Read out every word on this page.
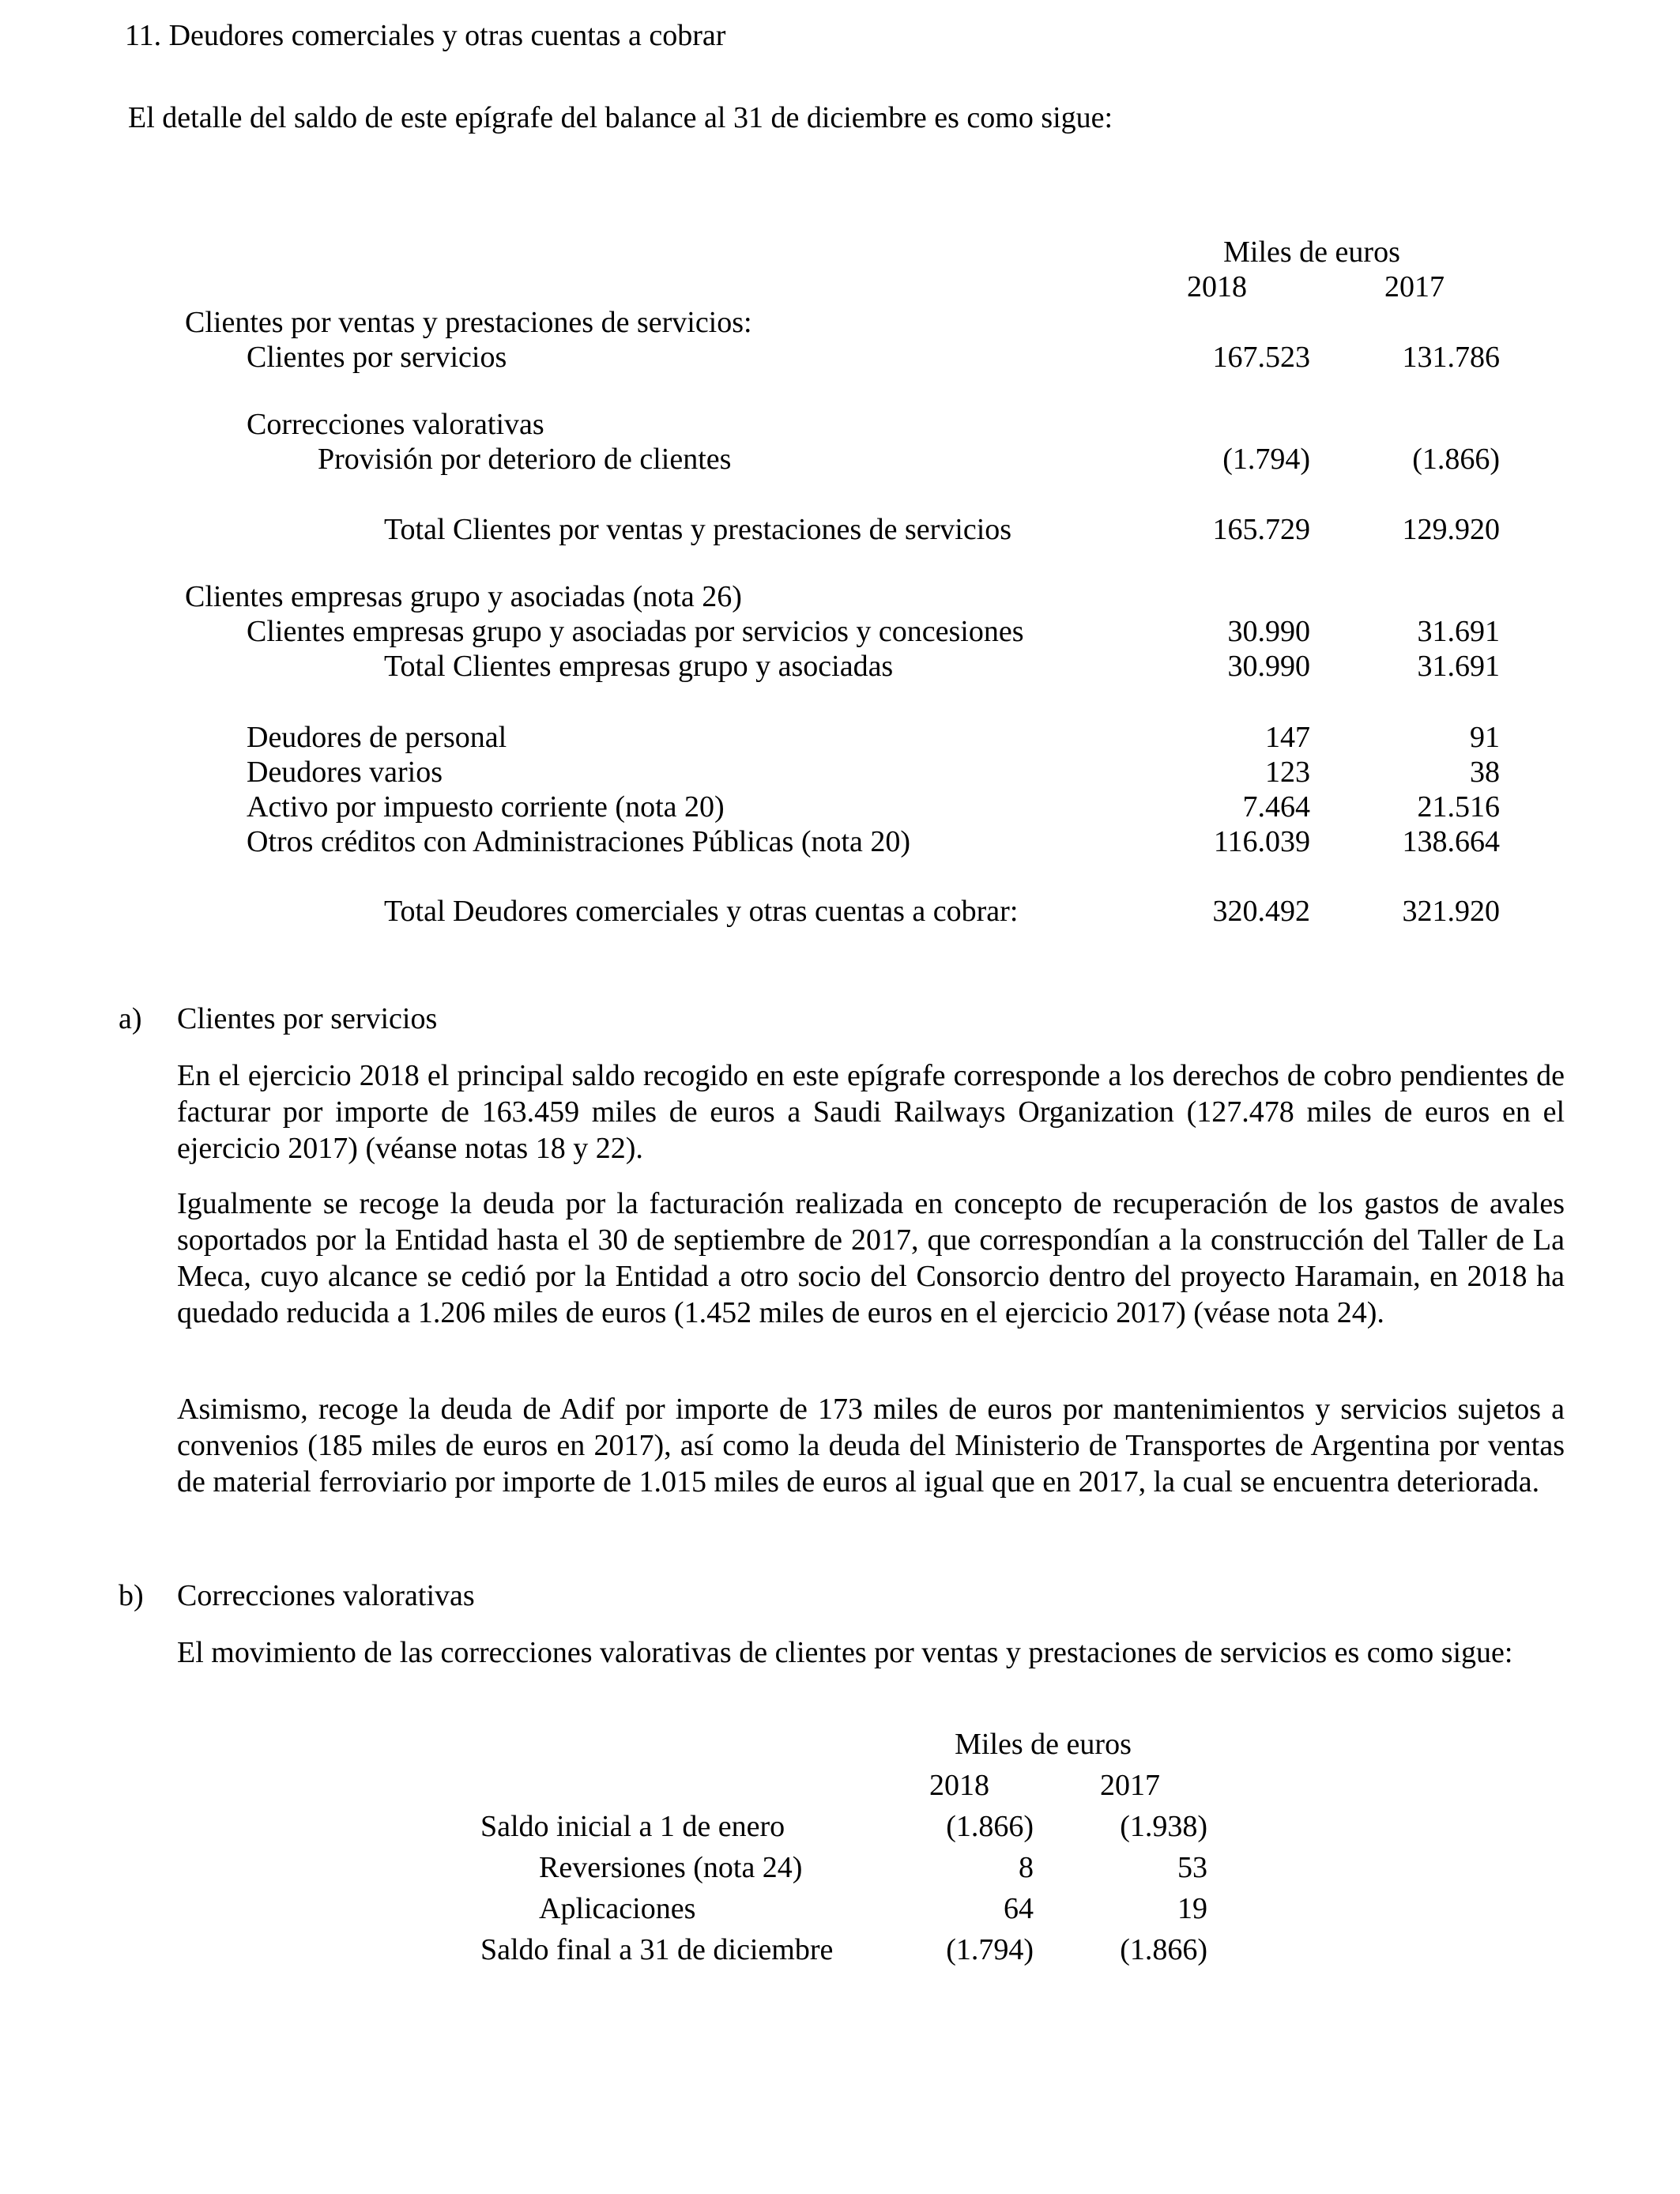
11. Deudores comerciales y otras cuentas a cobrar
El detalle del saldo de este epígrafe del balance al 31 de diciembre es como sigue:
Miles de euros
2018	2017
Clientes por ventas y prestaciones de servicios:
Clientes por servicios	167.523	131.786
Correcciones valorativas
Provisión por deterioro de clientes	(1.794)	(1.866)
Total Clientes por ventas y prestaciones de servicios	165.729	129.920
Clientes empresas grupo y asociadas (nota 26)
Clientes empresas grupo y asociadas por servicios y concesiones	30.990	31.691
Total Clientes empresas grupo y asociadas	30.990	31.691
Deudores de personal	147	91
Deudores varios	123	38
Activo por impuesto corriente (nota 20)	7.464	21.516
Otros créditos con Administraciones Públicas (nota 20)	116.039	138.664
Total Deudores comerciales y otras cuentas a cobrar:	320.492	321.920
a) Clientes por servicios

En el ejercicio 2018 el principal saldo recogido en este epígrafe corresponde a los derechos de cobro pendientes de facturar por importe de 163.459 miles de euros a Saudi Railways Organization (127.478 miles de euros en el ejercicio 2017) (véanse notas 18 y 22).

Igualmente se recoge la deuda por la facturación realizada en concepto de recuperación de los gastos de avales soportados por la Entidad hasta el 30 de septiembre de 2017, que correspondían a la construcción del Taller de La Meca, cuyo alcance se cedió por la Entidad a otro socio del Consorcio dentro del proyecto Haramain, en 2018 ha quedado reducida a 1.206 miles de euros (1.452 miles de euros en el ejercicio 2017) (véase nota 24).

Asimismo, recoge la deuda de Adif por importe de 173 miles de euros por mantenimientos y servicios sujetos a convenios (185 miles de euros en 2017), así como la deuda del Ministerio de Transportes de Argentina por ventas de material ferroviario por importe de 1.015 miles de euros al igual que en 2017, la cual se encuentra deteriorada.

b) Correcciones valorativas

El movimiento de las correcciones valorativas de clientes por ventas y prestaciones de servicios es como sigue:

Miles de euros
2018	2017
Saldo inicial a 1 de enero	(1.866)	(1.938)
Reversiones (nota 24)	8	53
Aplicaciones	64	19
Saldo final a 31 de diciembre	(1.794)	(1.866)
